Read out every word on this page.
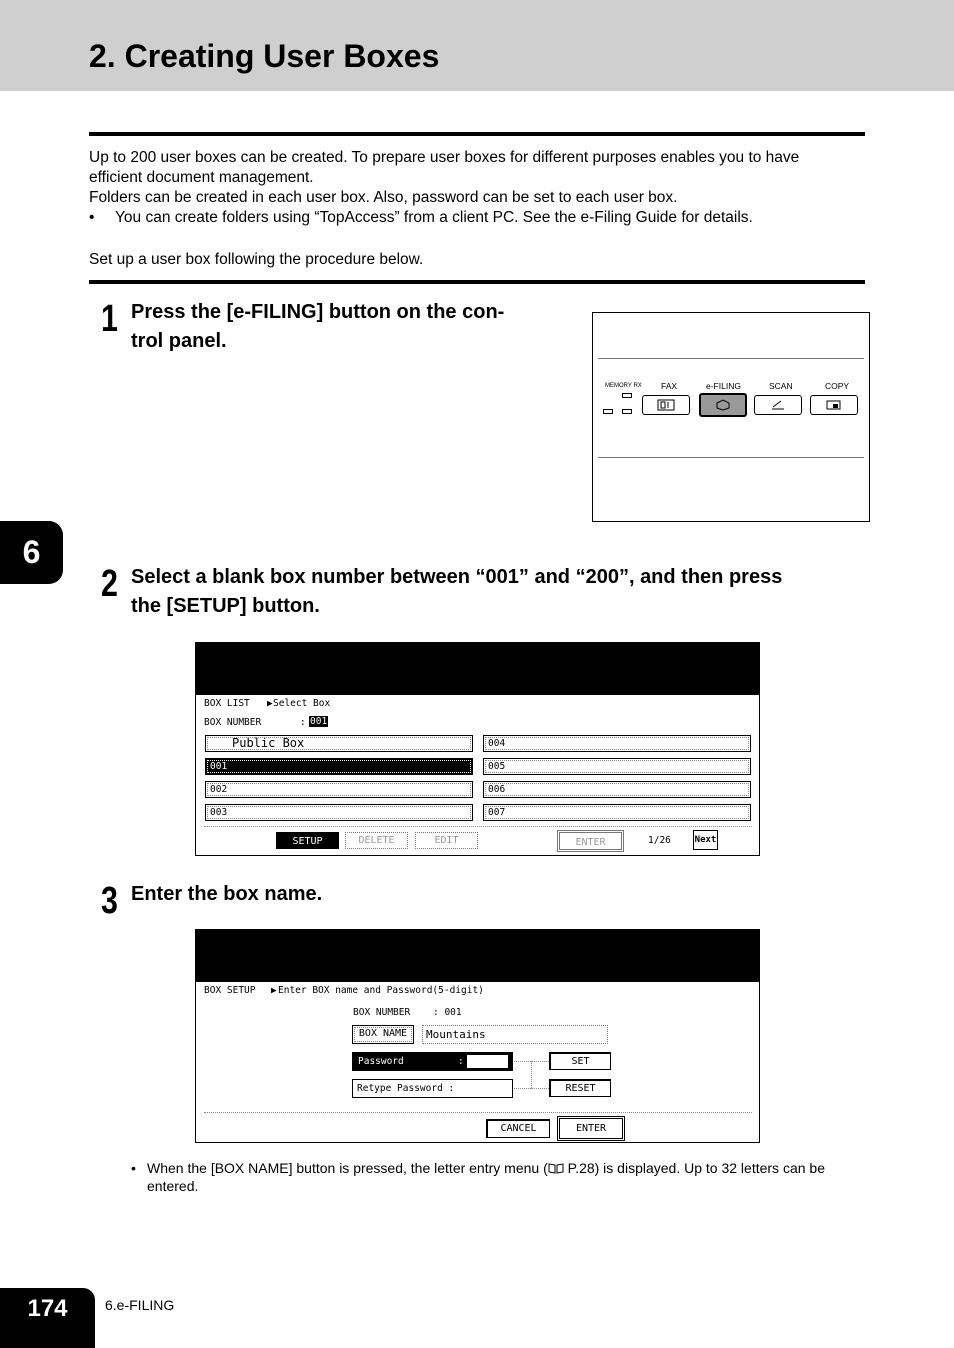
2. Creating User Boxes
Up to 200 user boxes can be created. To prepare user boxes for different purposes enables you to have
efficient document management.
Folders can be created in each user box. Also, password can be set to each user box.
• You can create folders using “TopAccess” from a client PC. See the e-Filing Guide for details.
Set up a user box following the procedure below.
1 Press the [e-FILING] button on the con-
trol panel.
MEMORY RX FAX	e-FILING	SCAN	COPY
6
2 Select a blank box number between “001” and “200”, and then press
the [SETUP] button.
BOX LIST ▶ Select Box
BOX NUMBER	: 001
Public Box
001
002
003
004
005
006
007
SETUP	DELETE	EDIT	ENTER	1/26	Next
3 Enter the box name.
BOX SETUP ▶ Enter BOX name and Password(5-digit)
BOX NUMBER : 001
BOX NAME	Mountains
Password	:
Retype Password :
SET
RESET
CANCEL	ENTER
• When the [BOX NAME] button is pressed, the letter entry menu ( P.28) is displayed. Up to 32 letters can be
entered.
174	6.e-FILING
